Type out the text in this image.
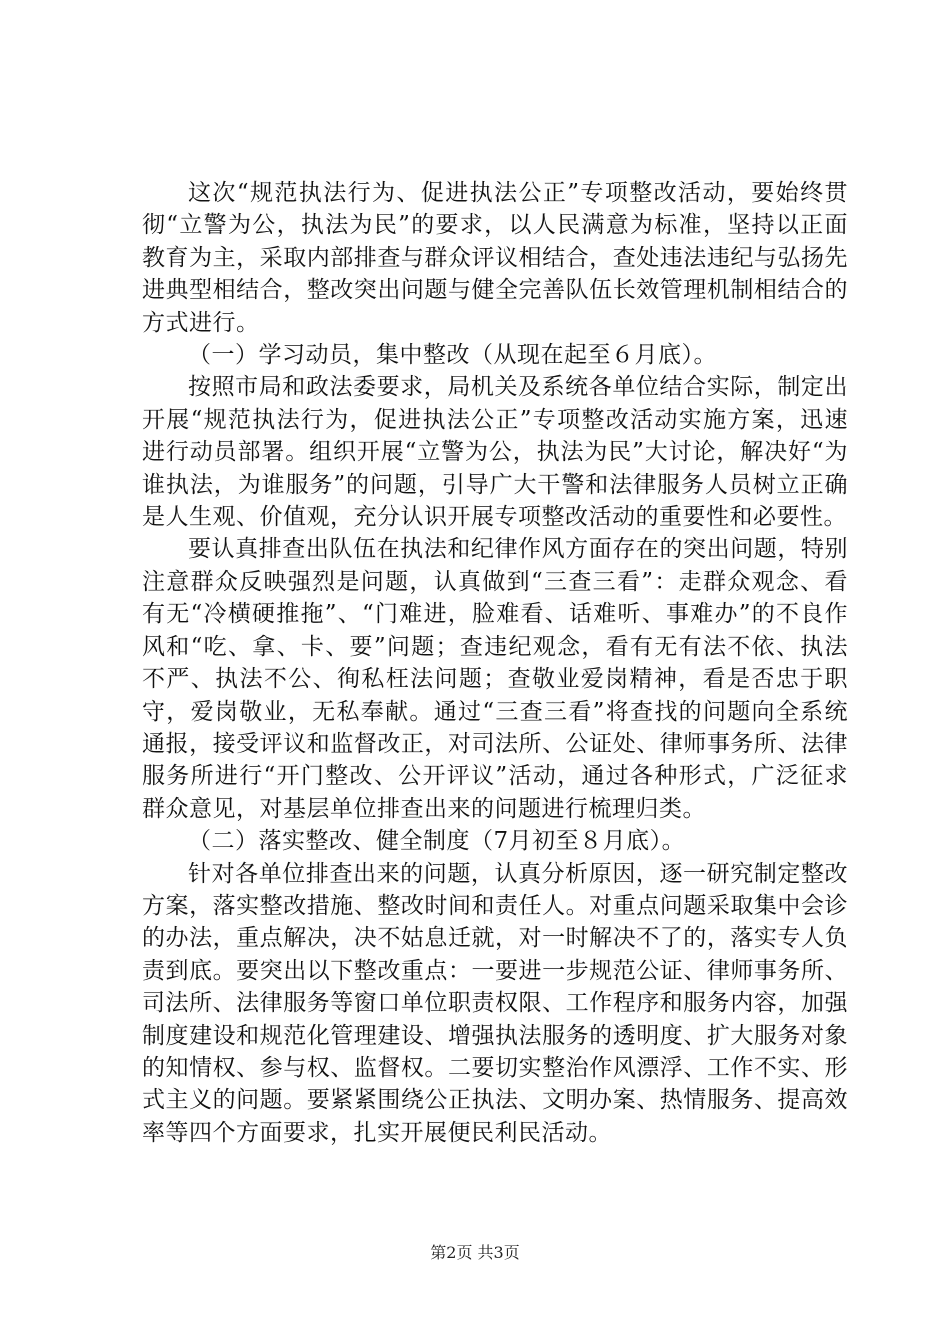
这次“规范执法行为、促进执法公正”专项整改活动，要始终贯彻“立警为公，执法为民”的要求，以人民满意为标准，坚持以正面教育为主，采取内部排查与群众评议相结合，查处违法违纪与弘扬先进典型相结合，整改突出问题与健全完善队伍长效管理机制相结合的方式进行。

（一）学习动员，集中整改（从现在起至６月底）。

按照市局和政法委要求，局机关及系统各单位结合实际，制定出开展“规范执法行为，促进执法公正”专项整改活动实施方案，迅速进行动员部署。组织开展“立警为公，执法为民”大讨论，解决好“为谁执法，为谁服务”的问题，引导广大干警和法律服务人员树立正确是人生观、价值观，充分认识开展专项整改活动的重要性和必要性。

要认真排查出队伍在执法和纪律作风方面存在的突出问题，特别注意群众反映强烈是问题，认真做到“三查三看”：走群众观念、看有无“冷横硬推拖”、“门难进，脸难看、话难听、事难办”的不良作风和“吃、拿、卡、要”问题；查违纪观念，看有无有法不依、执法不严、执法不公、徇私枉法问题；查敬业爱岗精神，看是否忠于职守，爱岗敬业，无私奉献。通过“三查三看”将查找的问题向全系统通报，接受评议和监督改正，对司法所、公证处、律师事务所、法律服务所进行“开门整改、公开评议”活动，通过各种形式，广泛征求群众意见，对基层单位排查出来的问题进行梳理归类。

（二）落实整改、健全制度（7月初至８月底）。

针对各单位排查出来的问题，认真分析原因，逐一研究制定整改方案，落实整改措施、整改时间和责任人。对重点问题采取集中会诊的办法，重点解决，决不姑息迁就，对一时解决不了的，落实专人负责到底。要突出以下整改重点：一要进一步规范公证、律师事务所、司法所、法律服务等窗口单位职责权限、工作程序和服务内容，加强制度建设和规范化管理建设、增强执法服务的透明度、扩大服务对象的知情权、参与权、监督权。二要切实整治作风漂浮、工作不实、形式主义的问题。要紧紧围绕公正执法、文明办案、热情服务、提高效率等四个方面要求，扎实开展便民利民活动。

第2页 共3页
